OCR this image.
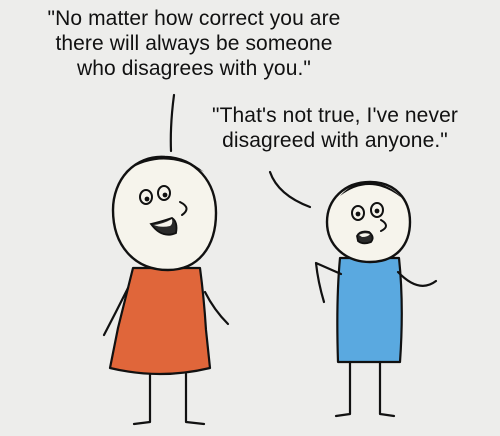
"No matter how correct you are
there will always be someone
who disagrees with you."
"That's not true, I've never
disagreed with anyone."
